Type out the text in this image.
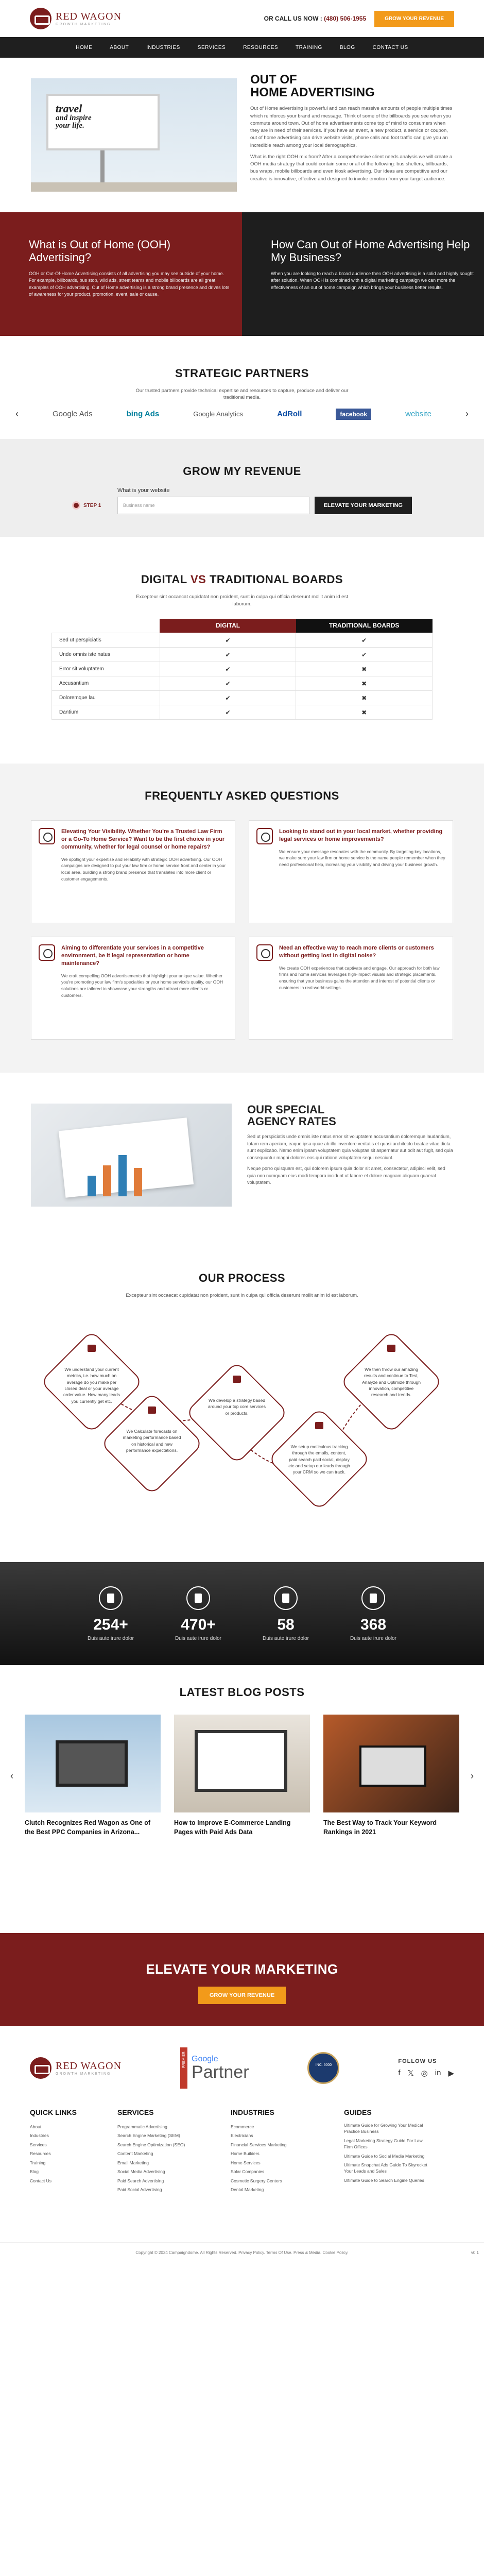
RED WAGON
GROWTH MARKETING
OR CALL US NOW : (480) 506-1955	GROW YOUR REVENUE
HOME	ABOUT	INDUSTRIES	SERVICES	RESOURCES	TRAINING	BLOG	CONTACT US
travel
and inspire
your life.
OUT OF
HOME ADVERTISING

Out of Home advertising is powerful and can reach massive amounts of people multiple times which reinforces your brand and message. Think of some of the billboards you see when you commute around town. Out of home advertisements come top of mind to consumers when they are in need of their services. If you have an event, a new product, a service or coupon, out of home advertising can drive website visits, phone calls and foot traffic can give you an incredible reach among your local demographics.

What is the right OOH mix from? After a comprehensive client needs analysis we will create a OOH media strategy that could contain some or all of the following: bus shelters, billboards, bus wraps, mobile billboards and even kiosk advertising. Our ideas are competitive and our creative is innovative, effective and designed to invoke emotion from your target audience.

What is Out of Home (OOH) Advertising?

OOH or Out-Of-Home Advertising consists of all advertising you may see outside of your home. For example, billboards, bus stop, wild ads, street teams and mobile billboards are all great examples of OOH advertising. Out of Home advertising is a strong brand presence and drives lots of awareness for your product, promotion, event, sale or cause.

How Can Out of Home Advertising Help My Business?

When you are looking to reach a broad audience then OOH advertising is a solid and highly sought after solution. When OOH is combined with a digital marketing campaign we can more the effectiveness of an out of home campaign which brings your business better results.

STRATEGIC PARTNERS
Our trusted partners provide technical expertise and resources to capture, produce and deliver our traditional media.
‹	Google Ads	bing Ads	Google Analytics	AdRoll	facebook	website	›
GROW MY REVENUE
What is your website
STEP 1	Business name	ELEVATE YOUR MARKETING
DIGITAL VS TRADITIONAL BOARDS
Excepteur sint occaecat cupidatat non proident, sunt in culpa qui officia deserunt mollit anim id est laborum.
	DIGITAL	TRADITIONAL BOARDS
Sed ut perspiciatis	✔	✔
Unde omnis iste natus	✔	✔
Error sit voluptatem	✔	✖
Accusantium	✔	✖
Doloremque lau	✔	✖
Dantium	✔	✖
FREQUENTLY ASKED QUESTIONS
Elevating Your Visibility. Whether You're a Trusted Law Firm or a Go-To Home Service? Want to be the first choice in your community, whether for legal counsel or home repairs?

We spotlight your expertise and reliability with strategic OOH advertising. Our OOH campaigns are designed to put your law firm or home service front and center in your local area, building a strong brand presence that translates into more client or customer engagements.

Looking to stand out in your local market, whether providing legal services or home improvements?

We ensure your message resonates with the community. By targeting key locations, we make sure your law firm or home service is the name people remember when they need professional help, increasing your visibility and driving your business growth.

Aiming to differentiate your services in a competitive environment, be it legal representation or home maintenance?

We craft compelling OOH advertisements that highlight your unique value. Whether you're promoting your law firm's specialties or your home service's quality, our OOH solutions are tailored to showcase your strengths and attract more clients or customers.

Need an effective way to reach more clients or customers without getting lost in digital noise?

We create OOH experiences that captivate and engage. Our approach for both law firms and home services leverages high-impact visuals and strategic placements, ensuring that your business gains the attention and interest of potential clients or customers in real-world settings.

OUR SPECIAL
AGENCY RATES

Sed ut perspiciatis unde omnis iste natus error sit voluptatem accusantium doloremque laudantium, totam rem aperiam, eaque ipsa quae ab illo inventore veritatis et quasi architecto beatae vitae dicta sunt explicabo. Nemo enim ipsam voluptatem quia voluptas sit aspernatur aut odit aut fugit, sed quia consequuntur magni dolores eos qui ratione voluptatem sequi nesciunt.

Neque porro quisquam est, qui dolorem ipsum quia dolor sit amet, consectetur, adipisci velit, sed quia non numquam eius modi tempora incidunt ut labore et dolore magnam aliquam quaerat voluptatem.

OUR PROCESS
Excepteur sint occaecat cupidatat non proident, sunt in culpa qui officia deserunt mollit anim id est laborum.
We understand your current metrics, i.e. how much on average do you make per closed deal or your average order value. How many leads you currently get etc.
We Calculate forecasts on marketing performance based on historical and new performance expectations.
We develop a strategy based around your top core services or products.
We setup meticulous tracking through the emails, content, paid search paid social, display etc and setup our leads through your CRM so we can track.
We then throw our amazing results and continue to Test, Analyze and Optimize through innovation, competitive research and trends.
254+
Duis aute irure dolor
470+
Duis aute irure dolor
58
Duis aute irure dolor
368
Duis aute irure dolor
LATEST BLOG POSTS
‹	›
Clutch Recognizes Red Wagon as One of the Best PPC Companies in Arizona...
How to Improve E-Commerce Landing Pages with Paid Ads Data
The Best Way to Track Your Keyword Rankings in 2021
ELEVATE YOUR MARKETING
GROW YOUR REVENUE
RED WAGON
GROWTH MARKETING
PREMIER Google
Partner	INC. 5000
FOLLOW US
f 𝕏 ◎ in ▶
QUICK LINKS
About
Industries
Services
Resources
Training
Blog
Contact Us
SERVICES
Programmatic Advertising
Search Engine Marketing (SEM)
Search Engine Optimization (SEO)
Content Marketing
Email Marketing
Social Media Advertising
Paid Search Advertising
Paid Social Advertising
INDUSTRIES
Ecommerce
Electricians
Financial Services Marketing
Home Builders
Home Services
Solar Companies
Cosmetic Surgery Centers
Dental Marketing
GUIDES
Ultimate Guide for Growing Your Medical Practice Business
Legal Marketing Strategy Guide For Law Firm Offices
Ultimate Guide to Social Media Marketing
Ultimate Snapchat Ads Guide To Skyrocket Your Leads and Sales
Ultimate Guide to Search Engine Queries
Copyright © 2024 Campaigndome. All Rights Reserved. Privacy Policy. Terms Of Use. Press & Media. Cookie Policy.	v0.1
